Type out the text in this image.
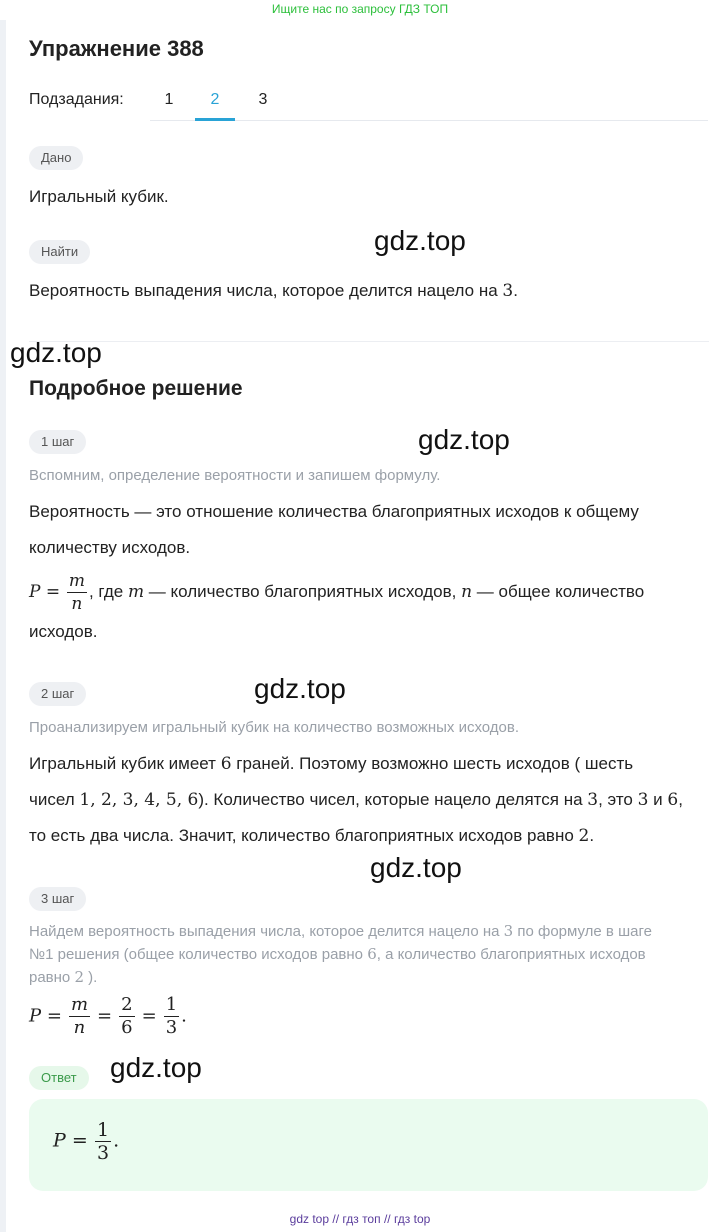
Ищите нас по запросу ГДЗ ТОП
Упражнение 388
Подзадания:	1	2	3
Дано
Игральный кубик.
Найти
Вероятность выпадения числа, которое делится нацело на 3.
Подробное решение
1 шаг
Вспомним, определение вероятности и запишем формулу.
Вероятность — это отношение количества благоприятных исходов к общему
количеству исходов.
$P = \frac{m}{n}$ , где m — количество благоприятных исходов, n — общее количество
исходов.
2 шаг
Проанализируем игральный кубик на количество возможных исходов.
Игральный кубик имеет 6 граней. Поэтому возможно шесть исходов ( шесть
чисел 1, 2, 3, 4, 5, 6). Количество чисел, которые нацело делятся на 3, это 3 и 6,
то есть два числа. Значит, количество благоприятных исходов равно 2.
3 шаг
Найдем вероятность выпадения числа, которое делится нацело на 3 по формуле в шаге
№1 решения (общее количество исходов равно 6, а количество благоприятных исходов
равно 2 ).
$P = \frac{m}{n} = \frac{2}{6} = \frac{1}{3}$ .
Ответ
$P = \frac{1}{3}$ .
gdz.top
gdz.top
gdz.top
gdz.top
gdz.top
gdz.top
gdz top // гдз топ // гдз top
